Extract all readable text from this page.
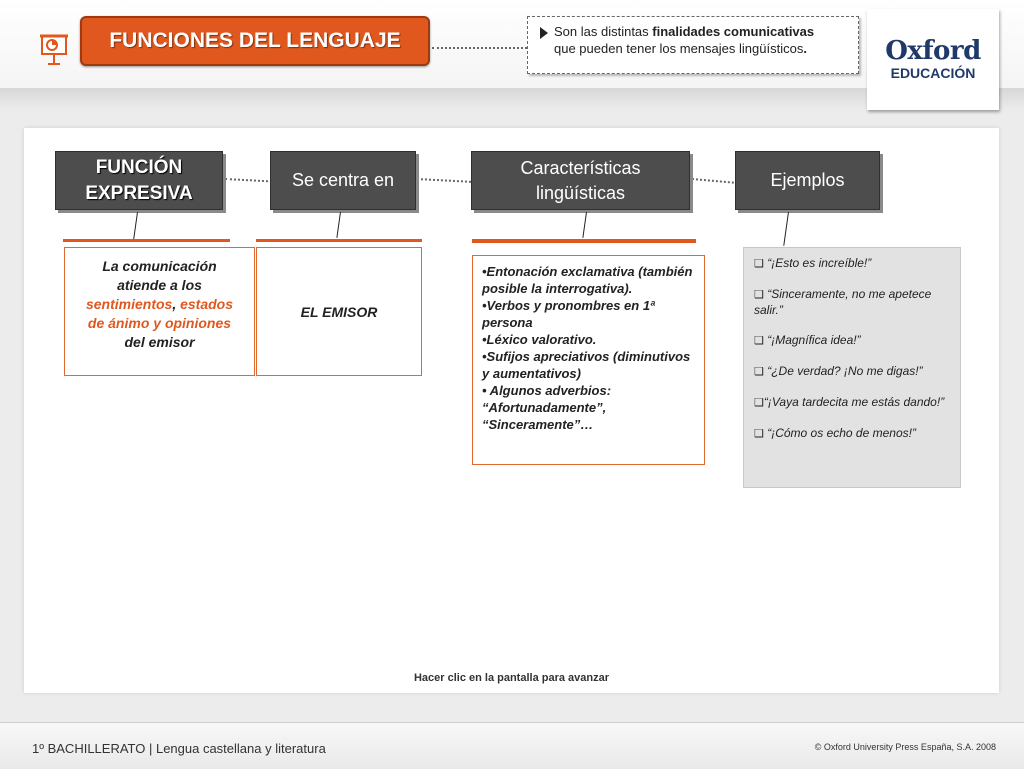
FUNCIONES DEL LENGUAJE	Son las distintas finalidades comunicativas
que pueden tener los mensajes lingüísticos.	Oxford
EDUCACIÓN
FUNCIÓN
EXPRESIVA
Se centra en
Características
lingüísticas
Ejemplos
La comunicación atiende a los sentimientos, estados de ánimo y opiniones del emisor
EL EMISOR
•Entonación exclamativa (también posible la interrogativa).
•Verbos y pronombres en 1ª persona
•Léxico valorativo.
•Sufijos apreciativos (diminutivos y aumentativos)
• Algunos adverbios: “Afortunadamente”, “Sinceramente”…
❑ “¡Esto es increíble!”
❑ “Sinceramente, no me apetece salir.”
❑ “¡Magnífica idea!”
❑ “¿De verdad? ¡No me digas!”
❑“¡Vaya tardecita me estás dando!”
❑ “¡Cómo os echo de menos!”
Hacer clic en la pantalla para avanzar
1º BACHILLERATO | Lengua castellana y literatura	© Oxford University Press España, S.A. 2008
